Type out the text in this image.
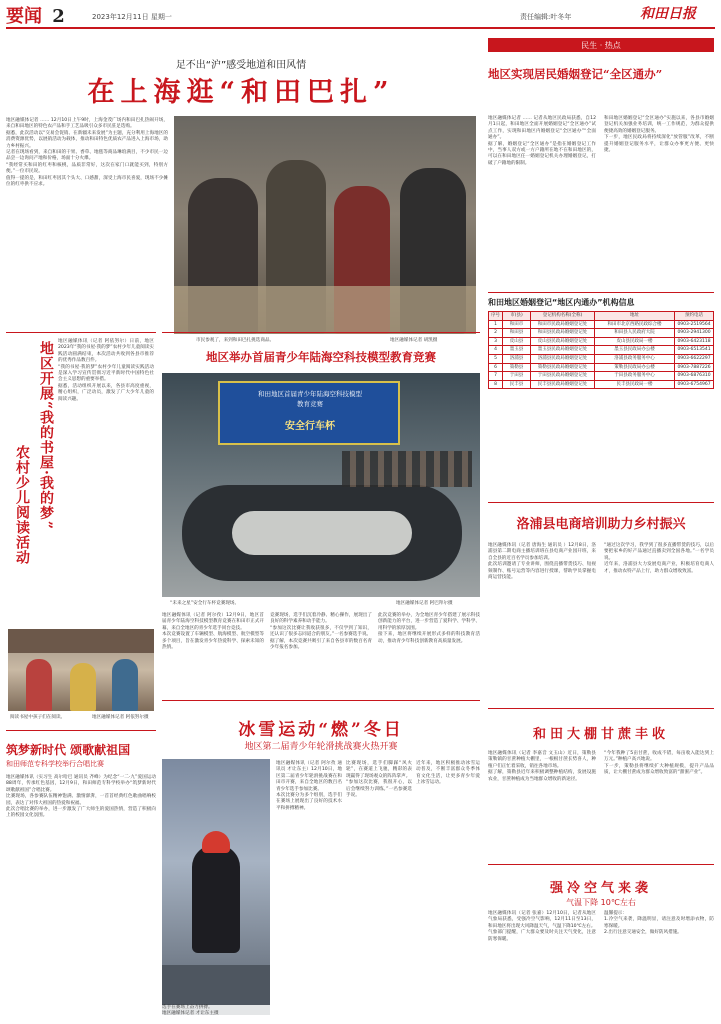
要闻 2	2023年12月11日 星期一	责任编辑:叶冬年	和田日报
足不出“沪”感受地道和田风情
在上海逛“和田巴扎”
地区融媒体记者 …… 12月10日上午9时，上海金茂广场内和田巴扎热闹开场，来自和田地区的特色农产品和手工艺品吸引众多市民驻足选购。
据悉，此次活动以“交易会促销、在新疆未来发展”为主题，充分利用上海地区的消费资源优势，以展销活动为载体，推动和田特色优质农产品进入上海市场，助力乡村振兴。
记者在现场看到，来自和田的干果、香草、地毯等商品琳琅满目，不少市民一边品尝一边询问产地和价格，场面十分火爆。
“我经常买和田的红枣和核桃，品质非常好，这次在家门口就能买到，特别方便。”一位市民说。
值得一提的是，和田红枣因其个头大、口感甜，深受上海市民喜爱，现场不少摊位的红枣供不应求。
市民参观了，来到和田巴扎挑选商品。	地区融媒体记者 胡凯摄
民生 · 热点
地区实现居民婚姻登记“全区通办”
地区融媒体记者 …… 记者从地区民政局获悉，自12月1日起，和田地区全面开展婚姻登记“全区通办”试点工作，实现和田地区内婚姻登记“全区通办”“全面通办”。
据了解，婚姻登记“全区通办”是指在婚姻登记工作中，当事人双方或一方户籍所在地不在和田地区的，可以在和田地区任一婚姻登记机关办理婚姻登记，打破了户籍地的限制。
和田地区婚姻登记“全区通办”实施以来，各县市婚姻登记机关加强业务培训，统一工作规范，为群众提供便捷高效的婚姻登记服务。
下一步，地区民政局将持续深化“放管服”改革，不断提升婚姻登记服务水平，让群众办事更方便、更快捷。
和田地区婚姻登记“地区内通办”机构信息
序号	市(县)	登记机构名称(全称)	地址	预约电话
1	和田市	和田市民政局婚姻登记处	和田市北京西路民政综合楼	0903-2519564
2	和田县	和田县民政局婚姻登记处	和田县人民政府大院	0903-2941300
3	皮山县	皮山县民政局婚姻登记处	皮山县民政局一楼	0903-6423118
4	墨玉县	墨玉县民政局婚姻登记处	墨玉县民政局办公楼	0903-6513541
5	洛浦县	洛浦县民政局婚姻登记处	洛浦县政务服务中心	0903-6622297
6	策勒县	策勒县民政局婚姻登记处	策勒县民政局办公楼	0903-7887226
7	于田县	于田县民政局婚姻登记处	于田县政务服务中心	0903-6876310
8	民丰县	民丰县民政局婚姻登记处	民丰县民政局一楼	0903-6754967
地区开展“我的书屋·我的梦”
农村少儿阅读活动
地区融媒体讯（记者 阿依努尔）日前，地区2023年“我的书屋·我的梦”农村少年儿童阅读实践活动圆满结束，本次活动共收到各县市推荐的优秀作品数百件。
“我的书屋·我的梦”农村少年儿童阅读实践活动是深入学习宣传贯彻习近平新时代中国特色社会主义思想的重要举措。
据悉，活动组织开展以来，各县市高度重视，精心组织，广泛动员，激发了广大少年儿童的阅读兴趣。
阅读书屋中孩子们在阅读。	地区融媒体记者 阿依努尔摄
地区举办首届青少年陆海空科技模型教育竞赛
和田地区首届青少年陆海空科技模型
教育竞赛
安全行车杯
“未来之星”安全行车杯竞赛现场。	地区融媒体记者 阿巴拜尔摄
地区融媒体讯（记者 阿尔孜）12月9日，地区首届青少年陆海空科技模型教育竞赛在和田市正式开幕，来自全地区的青少年选手同台竞技。
本次竞赛设置了车辆模型、航海模型、航空模型等多个项目，旨在激发青少年热爱科学、探索未知的热情。
竞赛现场，选手们沉着冷静、精心操作，展现出了良好的科学素养和动手能力。
“参加这次比赛让我收获很多，不仅学到了知识，还认识了很多志同道合的朋友。”一名参赛选手说。
据了解，本次竞赛共吸引了来自各县市的数百名青少年报名参加。
此次竞赛的举办，为全地区青少年搭建了展示科技创新能力的平台，进一步营造了爱科学、学科学、用科学的浓厚氛围。
接下来，地区将继续开展形式多样的科技教育活动，推动青少年科技创新教育高质量发展。
洛浦县电商培训助力乡村振兴
地区融媒体讯（记者 唐海生 通讯员 ）12月8日，洛浦县第二期电商主播培训班在县电商产业园开班，来自全县的近百名学员参加培训。
此次培训邀请了专业讲师，围绕直播带货技巧、短视频制作、账号运营等内容进行授课，帮助学员掌握电商运营技能。
“通过这次学习，我学到了很多直播带货的技巧，以后要把家乡的好产品通过直播卖到全国各地。”一名学员说。
近年来，洛浦县大力发展电商产业，积极培育电商人才，推动农特产品上行，助力群众增收致富。
筑梦新时代 颂歌献祖国
和田师范专科学校举行合唱比赛
地区融媒体讯（实习生 高尔哈巴 通讯员 齐峰）为纪念“一二·九”爱国运动88周年，传承红色基因，12月9日，和田师范专科学校举办“筑梦新时代 颂歌献祖国”合唱比赛。
比赛现场，各参赛队伍精神饱满、激情澎湃，一首首经典红色歌曲唱响校园，表达了对伟大祖国的热爱和祝福。
此次合唱比赛的举办，进一步激发了广大师生的爱国热情，营造了积极向上的校园文化氛围。
冰雪运动“燃”冬日
地区第二届青少年轮滑挑战赛火热开赛
选手在赛场上奋力拼搏。
地区融媒体记者 才让东主摄
地区融媒体讯（记者 阿尔孜 通讯员 才让东主）12月10日，地区第二届青少年轮滑挑战赛在和田市开赛，来自全地区的数百名青少年选手参加比赛。
本次比赛分为多个组别，选手们在赛场上展现出了良好的技术水平和拼搏精神。
比赛现场，选手们脚踩“风火轮”，在赛道上飞驰，精彩的表现赢得了现场观众的阵阵掌声。
“参加这次比赛，我很开心，以后会继续努力训练。”一名参赛选手说。
近年来，地区积极推动冰雪运动普及，不断丰富群众冬季体育文化生活，让更多青少年爱上冰雪运动。
和田大棚甘蔗丰收
地区融媒体讯（记者 李嘉音 文玉山）近日，策勒县策勒镇的甘蔗种植大棚里，一根根甘蔗长势喜人，种植户们正忙着采收，销往各地市场。
据了解，策勒县近年来积极调整种植结构，发展设施农业，甘蔗种植成为当地群众增收的新途径。
“今年我种了5亩甘蔗，收成不错，每亩收入能达到上万元。”种植户高兴地说。
下一步，策勒县将继续扩大种植规模，提升产品品质，让大棚甘蔗成为群众增收致富的“甜蜜产业”。
强冷空气来袭
气温下降 10℃左右
地区融媒体讯（记者 张嘉）12月10日，记者从地区气象局获悉，受强冷空气影响，12月11日至13日，和田地区将出现大风降温天气，气温下降10℃左右。
气象部门提醒，广大群众要及时关注天气变化，注意防寒保暖。
温馨提示：
1.冷空气来袭，降温明显，请注意及时增添衣物，防寒保暖。
2.出行注意交通安全，做好防风措施。
